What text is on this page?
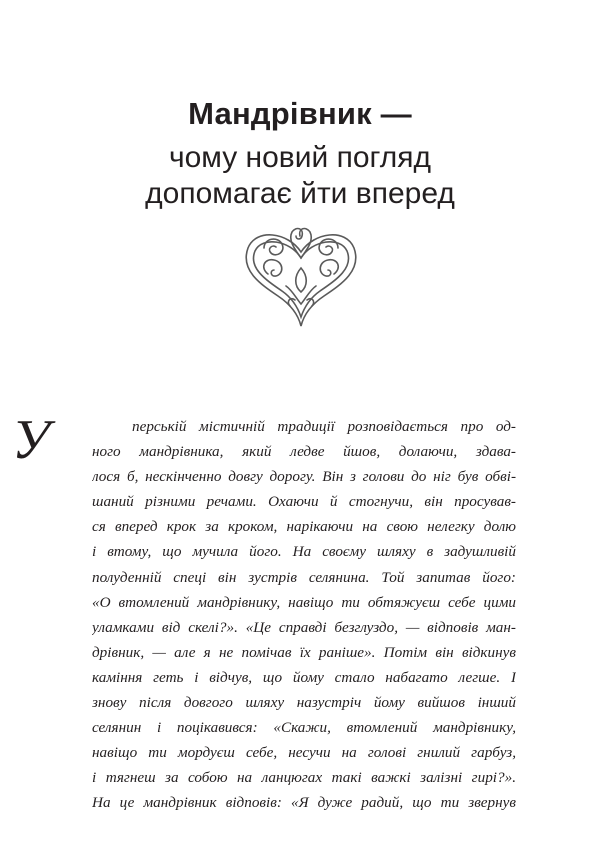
Мандрівник —
чому новий погляд
допомагає йти вперед
У	перській містичній традиції розповідається про од-
ного мандрівника, який ледве йшов, долаючи, здава-
лося б, нескінченно довгу дорогу. Він з голови до ніг був обві-
шаний різними речами. Охаючи й стогнучи, він просував-
ся вперед крок за кроком, нарікаючи на свою нелегку долю
і втому, що мучила його. На своєму шляху в задушливій
полуденній спеці він зустрів селянина. Той запитав його:
«О втомлений мандрівнику, навіщо ти обтяжуєш себе цими
уламками від скелі?». «Це справді безглуздо, — відповів ман-
дрівник, — але я не помічав їх раніше». Потім він відкинув
каміння геть і відчув, що йому стало набагато легше. І
знову після довгого шляху назустріч йому вийшов інший
селянин і поцікавився: «Скажи, втомлений мандрівнику,
навіщо ти мордуєш себе, несучи на голові гнилий гарбуз,
і тягнеш за собою на ланцюгах такі важкі залізні гирі?».
На це мандрівник відповів: «Я дуже радий, що ти звернув
